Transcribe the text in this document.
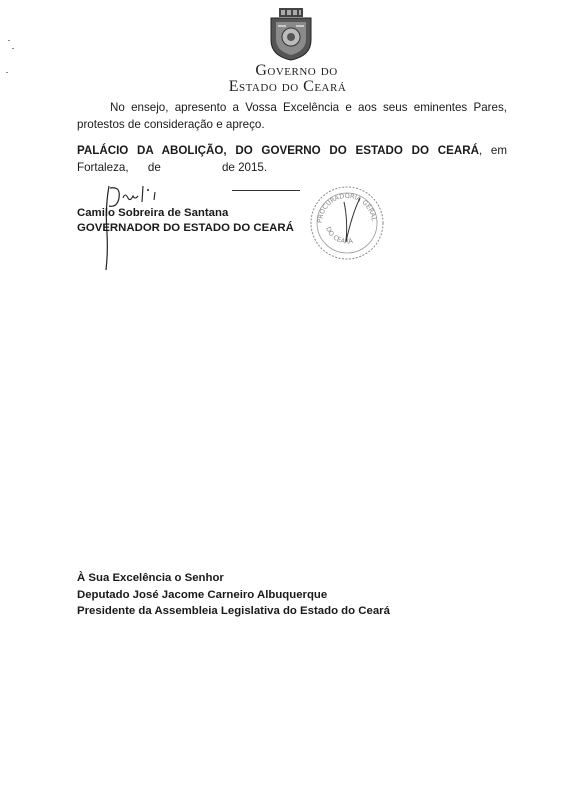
Governo do
Estado do Ceará
No ensejo, apresento a Vossa Excelência e aos seus eminentes Pares, protestos de consideração e apreço.
PALÁCIO DA ABOLIÇÃO, DO GOVERNO DO ESTADO DO CEARÁ, em Fortaleza,      de                   de 2015.
PROCURADORIA GERAL
DO CEARÁ
Camilo Sobreira de Santana
GOVERNADOR DO ESTADO DO CEARÁ
À Sua Excelência o Senhor
Deputado José Jacome Carneiro Albuquerque
Presidente da Assembleia Legislativa do Estado do Ceará
